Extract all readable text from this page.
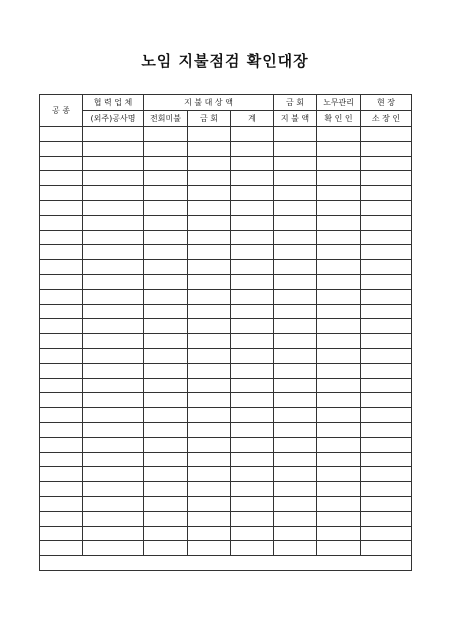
노임 지불점검 확인대장
공 종	협 력 업 체	지 불 대 상 액			금 회	노무관리	현 장
	(외주)공사명	전회미불	금 회	계	지 불 액	확 인 인	소 장 인
